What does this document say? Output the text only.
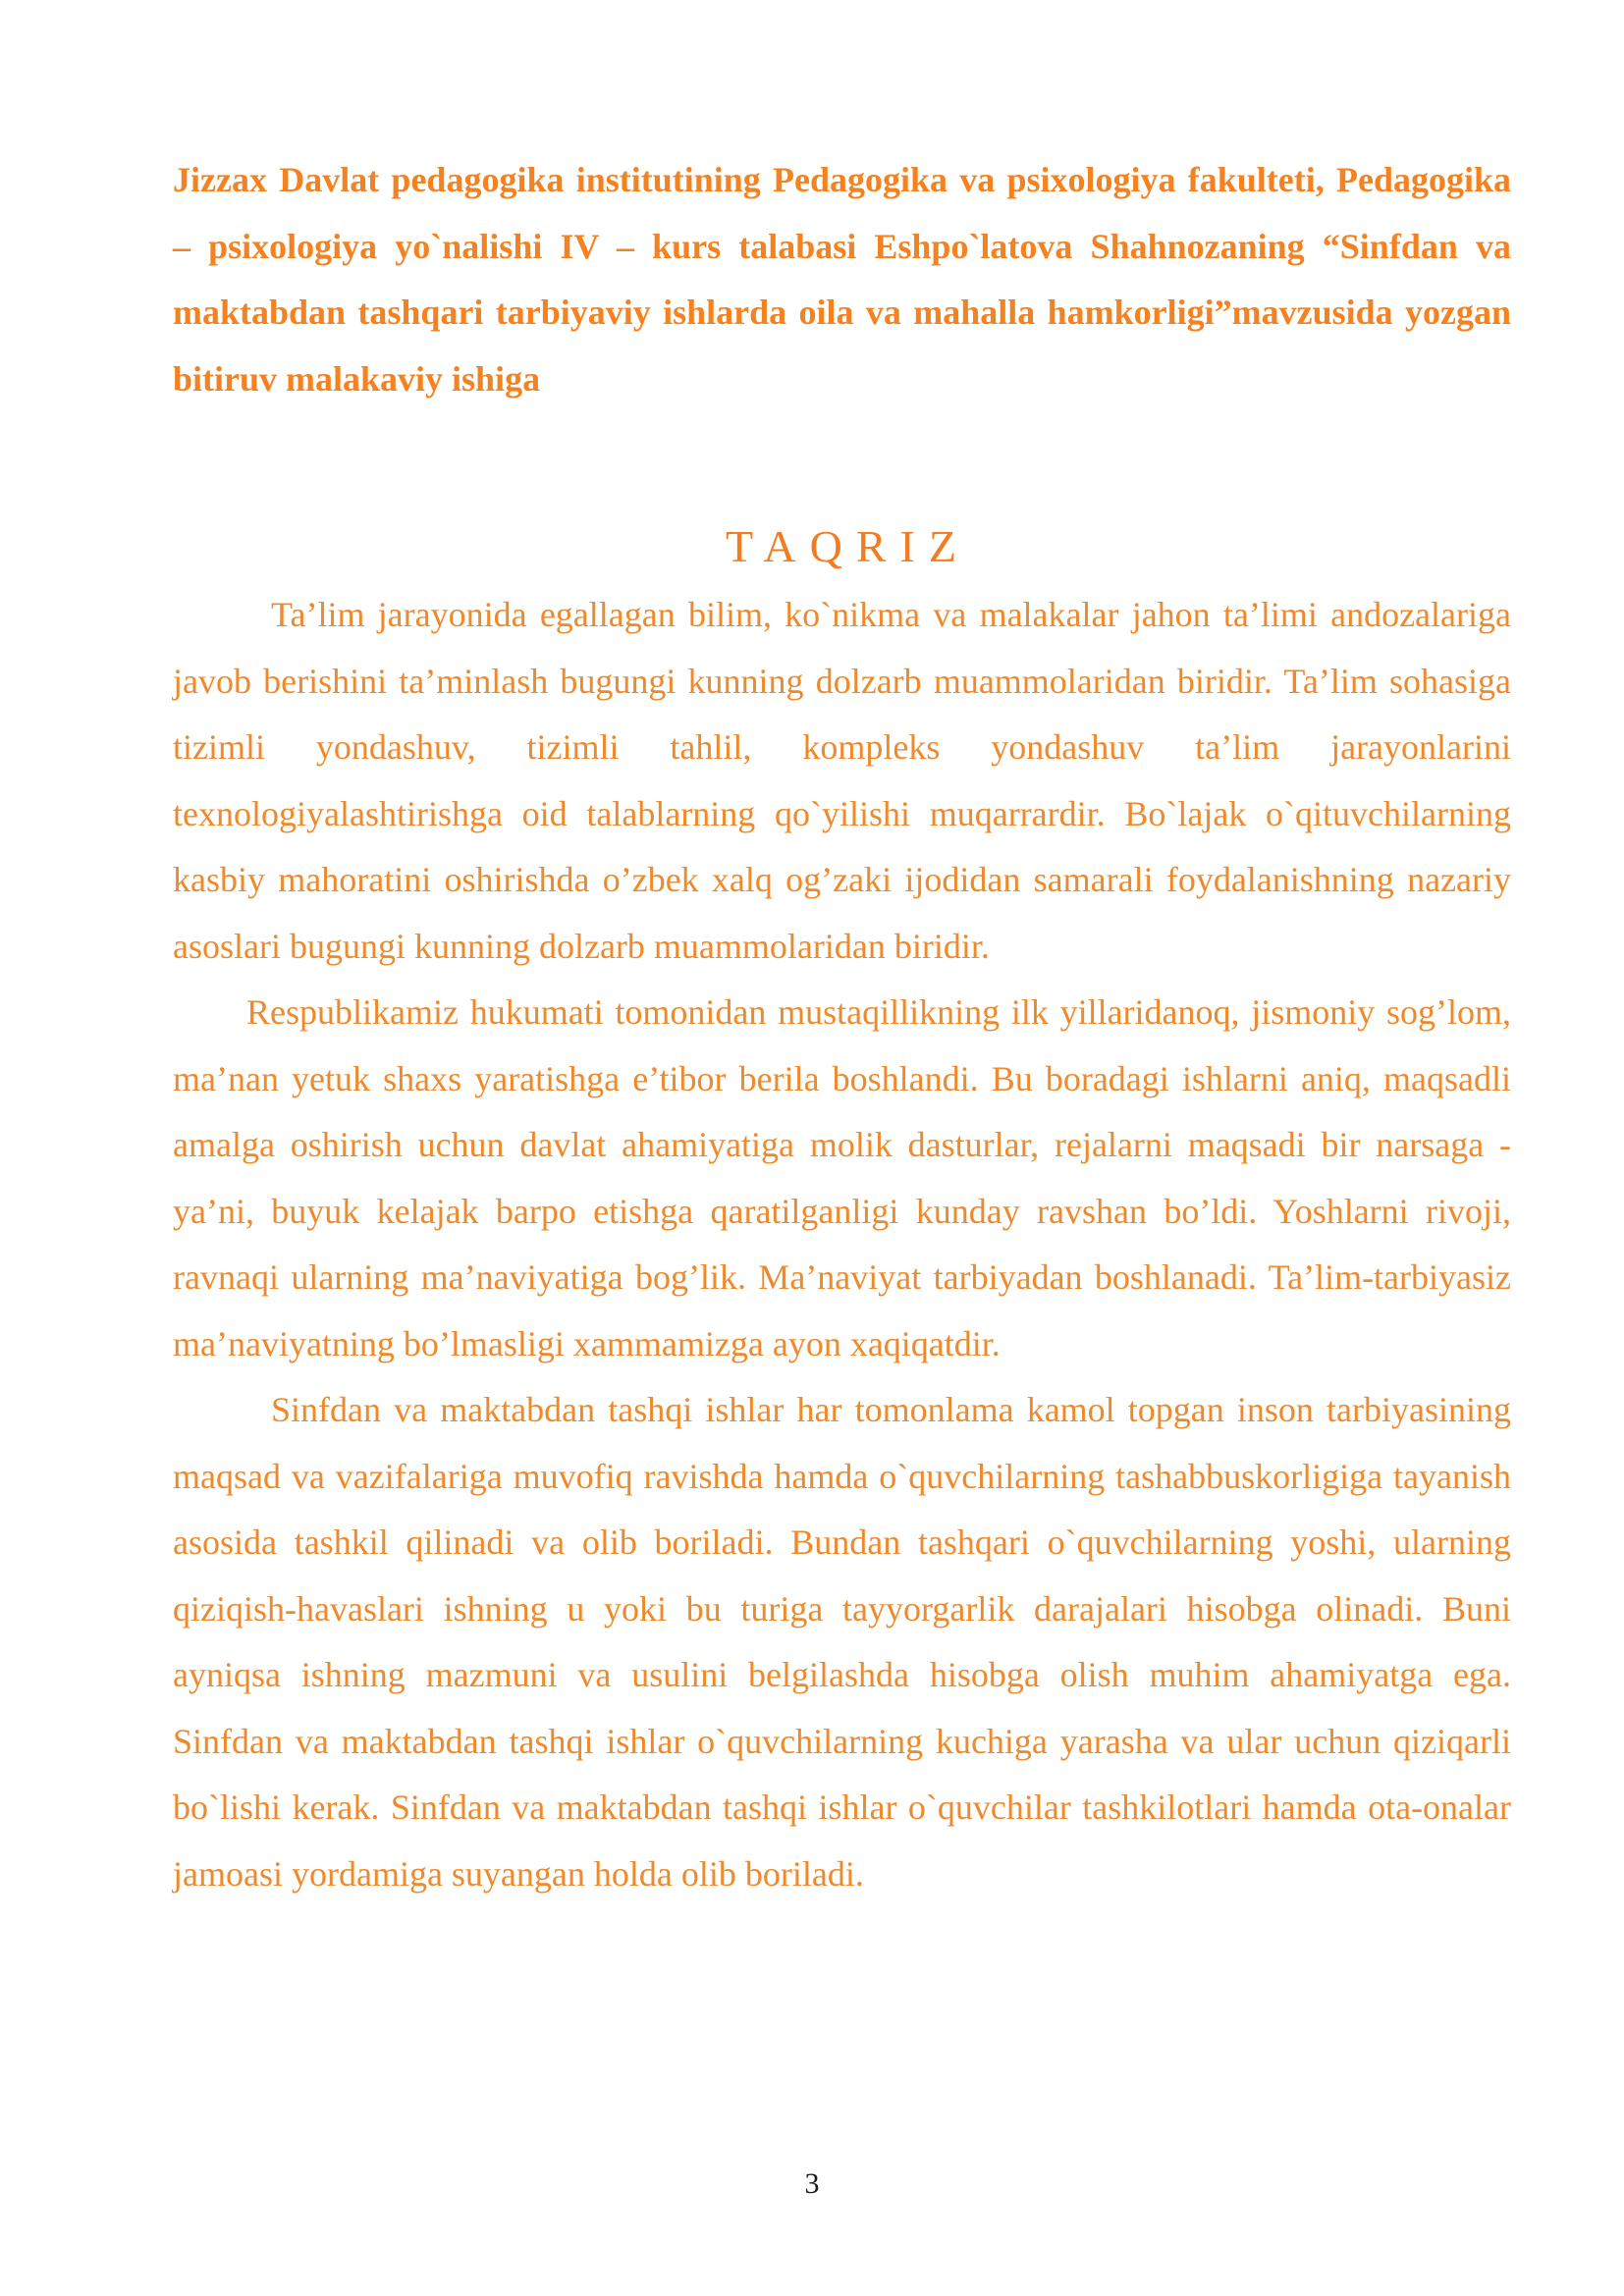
Jizzax Davlat pedagogika institutining Pedagogika va psixologiya fakulteti, Pedagogika – psixologiya yo`nalishi IV – kurs talabasi Eshpo`latova Shahnozaning “Sinfdan va maktabdan tashqari tarbiyaviy ishlarda oila va mahalla hamkorligi”mavzusida yozgan bitiruv malakaviy ishiga

TAQRIZ

Ta’lim jarayonida egallagan bilim, ko`nikma va malakalar jahon ta’limi andozalariga javob berishini ta’minlash bugungi kunning dolzarb muammolaridan biridir. Ta’lim sohasiga tizimli yondashuv, tizimli tahlil, kompleks yondashuv ta’lim jarayonlarini texnologiyalashtirishga oid talablarning qo`yilishi muqarrardir. Bo`lajak o`qituvchilarning kasbiy mahoratini oshirishda o’zbek xalq og’zaki ijodidan samarali foydalanishning nazariy asoslari bugungi kunning dolzarb muammolaridan biridir.

Respublikamiz hukumati tomonidan mustaqillikning ilk yillaridanoq, jismoniy sog’lom, ma’nan yetuk shaxs yaratishga e’tibor berila boshlandi. Bu boradagi ishlarni aniq, maqsadli amalga oshirish uchun davlat ahamiyatiga molik dasturlar, rejalarni maqsadi bir narsaga - ya’ni, buyuk kelajak barpo etishga qaratilganligi kunday ravshan bo’ldi. Yoshlarni rivoji, ravnaqi ularning ma’naviyatiga bog’lik. Ma’naviyat tarbiyadan boshlanadi. Ta’lim-tarbiyasiz ma’naviyatning bo’lmasligi xammamizga ayon xaqiqatdir.

Sinfdan va maktabdan tashqi ishlar har tomonlama kamol topgan inson tarbiyasining maqsad va vazifalariga muvofiq ravishda hamda o`quvchilarning tashabbuskorligiga tayanish asosida tashkil qilinadi va olib boriladi. Bundan tashqari o`quvchilarning yoshi, ularning qiziqish-havaslari ishning u yoki bu turiga tayyorgarlik darajalari hisobga olinadi. Buni ayniqsa ishning mazmuni va usulini belgilashda hisobga olish muhim ahamiyatga ega. Sinfdan va maktabdan tashqi ishlar o`quvchilarning kuchiga yarasha va ular uchun qiziqarli bo`lishi kerak. Sinfdan va maktabdan tashqi ishlar o`quvchilar tashkilotlari hamda ota-onalar jamoasi yordamiga suyangan holda olib boriladi.

3
